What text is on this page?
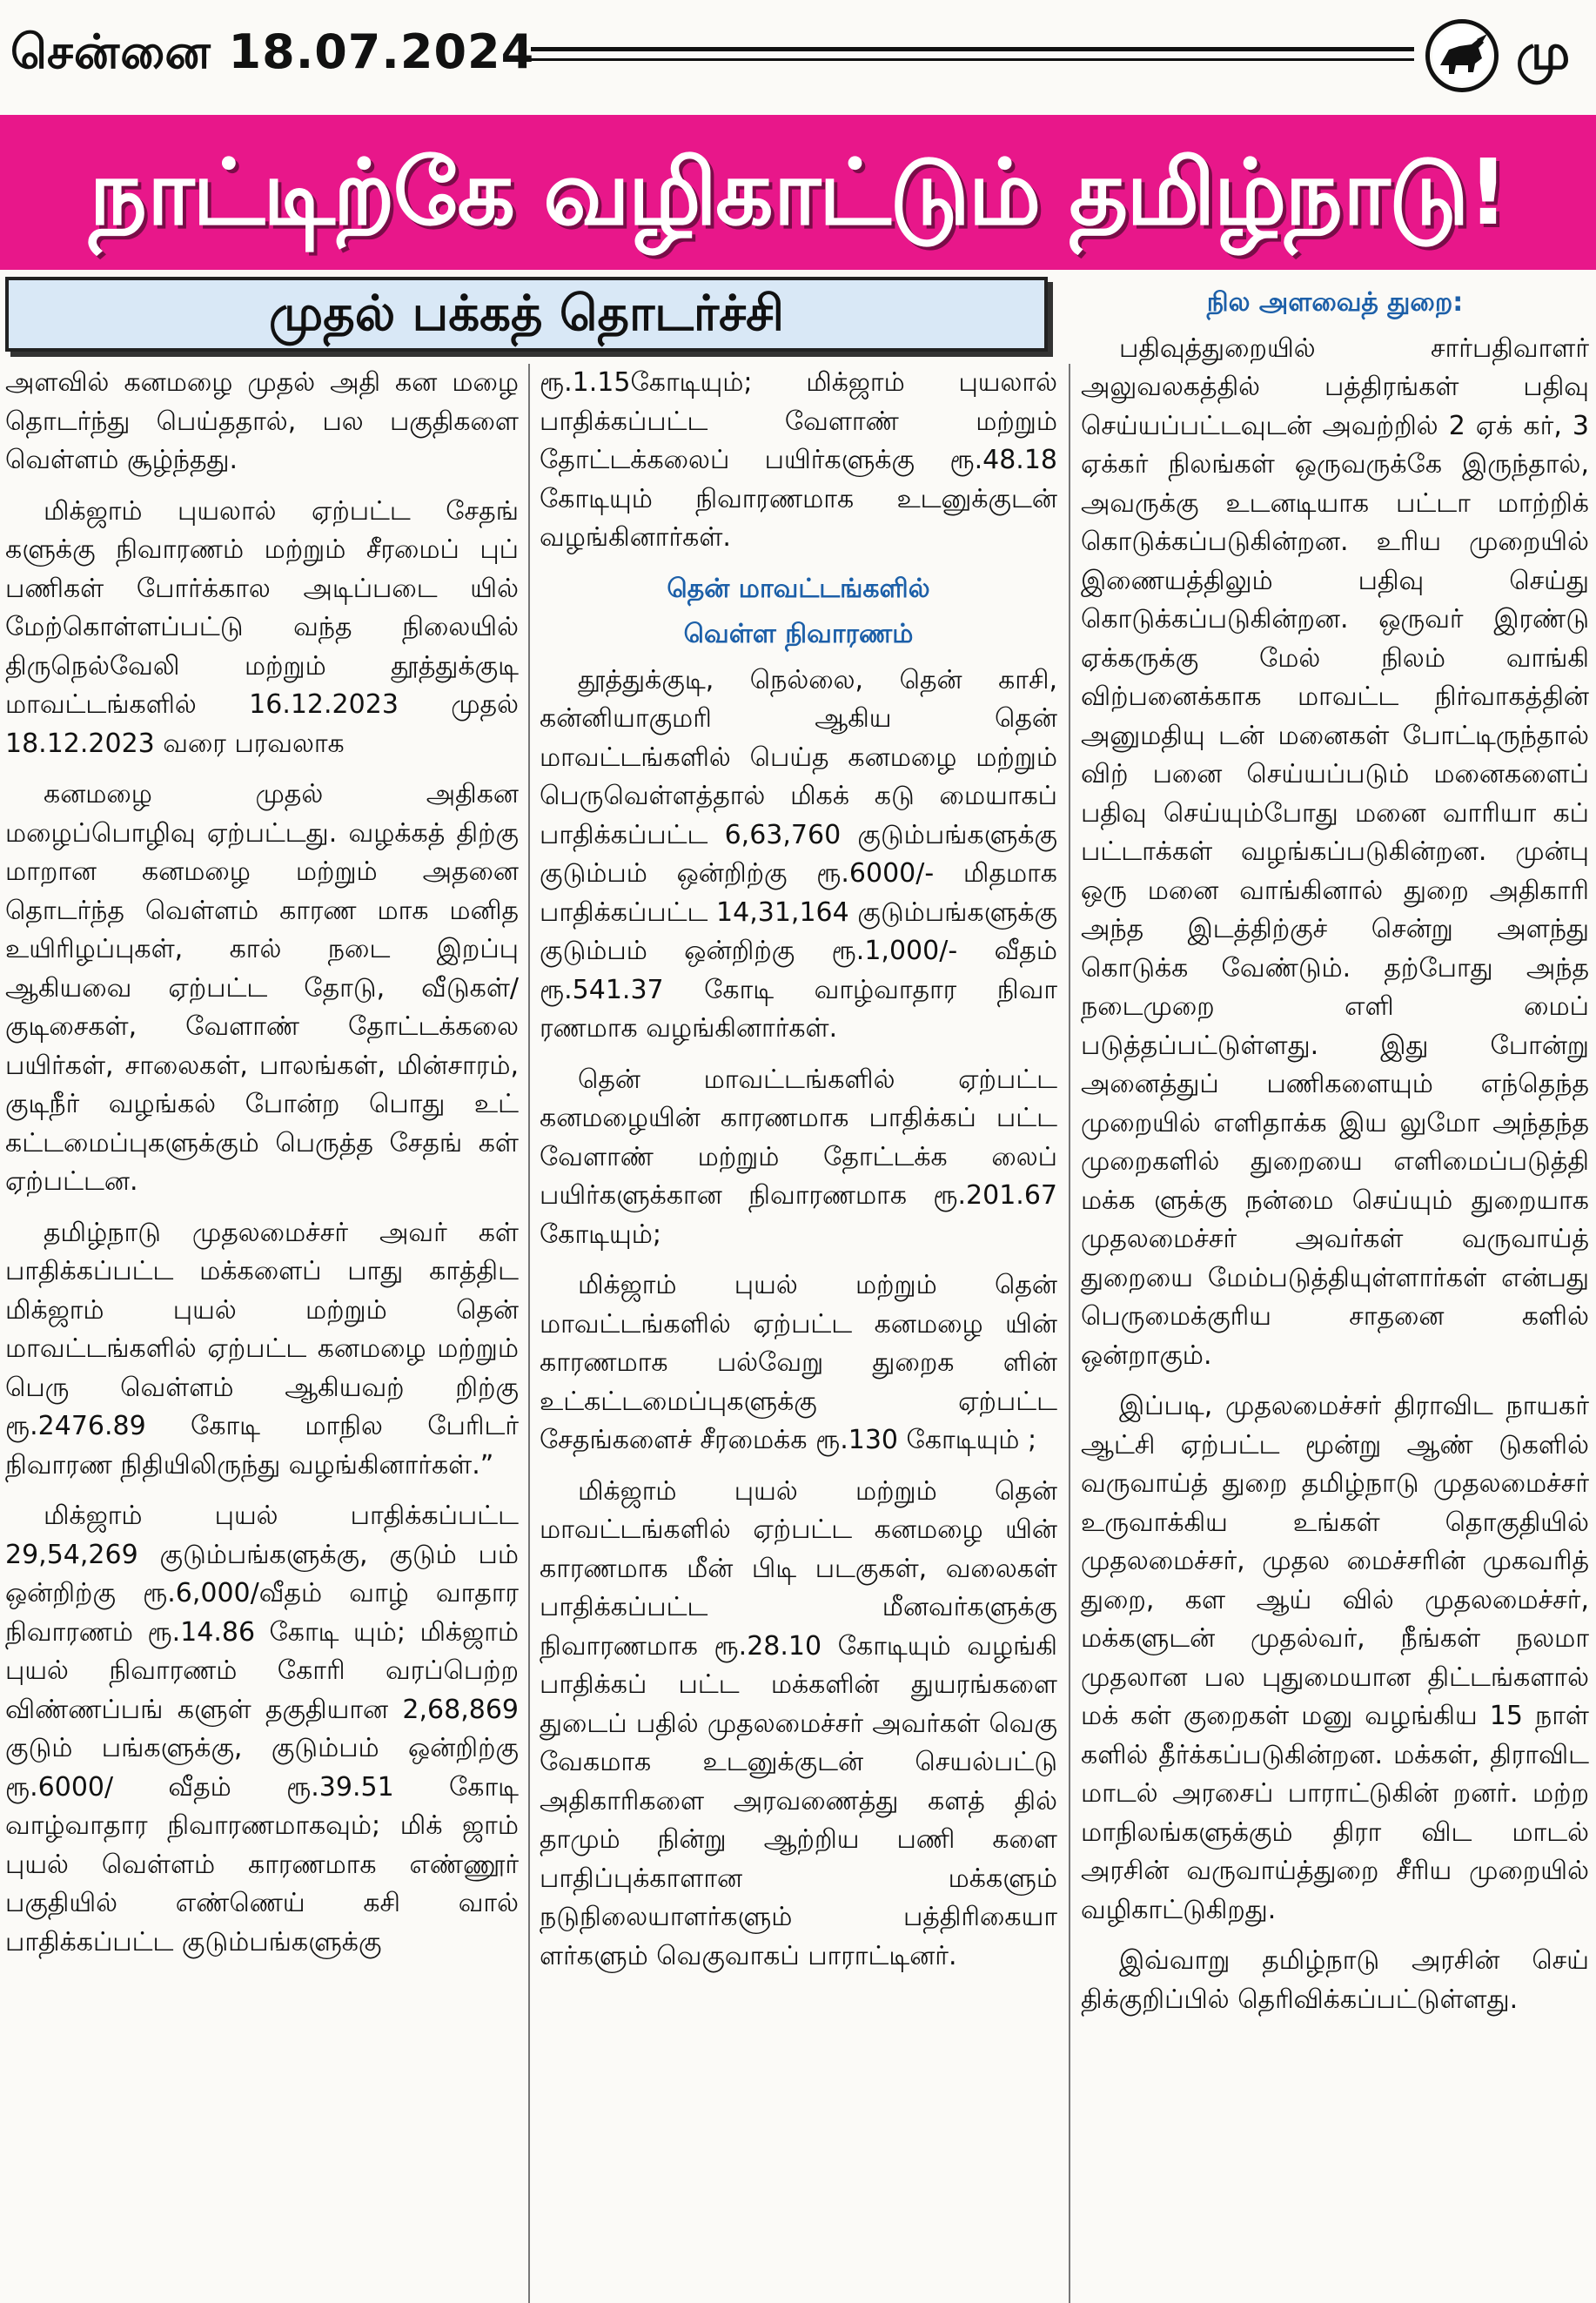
சென்னை 18.07.2024	மு
நாட்டிற்கே வழிகாட்டும் தமிழ்நாடு!
முதல் பக்கத் தொடர்ச்சி

அளவில் கனமழை முதல் அதி கன மழை தொடர்ந்து பெய்ததால், பல பகுதிகளை வெள்ளம் சூழ்ந்தது.

மிக்ஜாம் புயலால் ஏற்பட்ட சேதங் களுக்கு நிவாரணம் மற்றும் சீரமைப் புப் பணிகள் போர்க்கால அடிப்படை யில் மேற்கொள்ளப்பட்டு வந்த நிலையில் திருநெல்வேலி மற்றும் தூத்துக்குடி மாவட்டங்களில் 16.12.2023 முதல் 18.12.2023 வரை பரவலாக

கனமழை முதல் அதிகன மழைப்பொழிவு ஏற்பட்டது. வழக்கத் திற்கு மாறான கனமழை மற்றும் அதனை தொடர்ந்த வெள்ளம் காரண மாக மனித உயிரிழப்புகள், கால் நடை இறப்பு ஆகியவை ஏற்பட்ட தோடு, வீடுகள்/குடிசைகள், வேளாண் தோட்டக்கலை பயிர்கள், சாலைகள், பாலங்கள், மின்சாரம், குடிநீர் வழங்கல் போன்ற பொது உட் கட்டமைப்புகளுக்கும் பெருத்த சேதங் கள் ஏற்பட்டன.

தமிழ்நாடு முதலமைச்சர் அவர் கள் பாதிக்கப்பட்ட மக்களைப் பாது காத்திட மிக்ஜாம் புயல் மற்றும் தென் மாவட்டங்களில் ஏற்பட்ட கனமழை மற்றும் பெரு வெள்ளம் ஆகியவற் றிற்கு ரூ.2476.89 கோடி மாநில பேரிடர் நிவாரண நிதியிலிருந்து வழங்கினார்கள்.”

மிக்ஜாம் புயல் பாதிக்கப்பட்ட 29,54,269 குடும்பங்களுக்கு, குடும் பம் ஒன்றிற்கு ரூ.6,000/வீதம் வாழ் வாதார நிவாரணம் ரூ.14.86 கோடி யும்; மிக்ஜாம் புயல் நிவாரணம் கோரி வரப்பெற்ற விண்ணப்பங் களுள் தகுதியான 2,68,869 குடும் பங்களுக்கு, குடும்பம் ஒன்றிற்கு ரூ.6000/ வீதம் ரூ.39.51 கோடி வாழ்வாதார நிவாரணமாகவும்; மிக் ஜாம் புயல் வெள்ளம் காரணமாக எண்ணூர் பகுதியில் எண்ணெய் கசி வால் பாதிக்கப்பட்ட குடும்பங்களுக்கு

ரூ.1.15கோடியும்; மிக்ஜாம் புயலால் பாதிக்கப்பட்ட வேளாண் மற்றும் தோட்டக்கலைப் பயிர்களுக்கு ரூ.48.18 கோடியும் நிவாரணமாக உடனுக்குடன் வழங்கினார்கள்.

தென் மாவட்டங்களில்
வெள்ள நிவாரணம்

தூத்துக்குடி, நெல்லை, தென் காசி, கன்னியாகுமரி ஆகிய தென் மாவட்டங்களில் பெய்த கனமழை மற்றும் பெருவெள்ளத்தால் மிகக் கடு மையாகப் பாதிக்கப்பட்ட 6,63,760 குடும்பங்களுக்கு குடும்பம் ஒன்றிற்கு ரூ.6000/- மிதமாக பாதிக்கப்பட்ட 14,31,164 குடும்பங்களுக்கு குடும்பம் ஒன்றிற்கு ரூ.1,000/- வீதம் ரூ.541.37 கோடி வாழ்வாதார நிவா ரணமாக வழங்கினார்கள்.

தென் மாவட்டங்களில் ஏற்பட்ட கனமழையின் காரணமாக பாதிக்கப் பட்ட வேளாண் மற்றும் தோட்டக்க லைப் பயிர்களுக்கான நிவாரணமாக ரூ.201.67 கோடியும்;

மிக்ஜாம் புயல் மற்றும் தென் மாவட்டங்களில் ஏற்பட்ட கனமழை யின் காரணமாக பல்வேறு துறைக ளின் உட்கட்டமைப்புகளுக்கு ஏற்பட்ட சேதங்களைச் சீரமைக்க ரூ.130 கோடியும் ;

மிக்ஜாம் புயல் மற்றும் தென் மாவட்டங்களில் ஏற்பட்ட கனமழை யின் காரணமாக மீன் பிடி படகுகள், வலைகள் பாதிக்கப்பட்ட மீனவர்களுக்கு நிவாரணமாக ரூ.28.10 கோடியும் வழங்கி பாதிக்கப் பட்ட மக்களின் துயரங்களை துடைப் பதில் முதலமைச்சர் அவர்கள் வெகு வேகமாக உடனுக்குடன் செயல்பட்டு அதிகாரிகளை அரவணைத்து களத் தில் தாமும் நின்று ஆற்றிய பணி களை பாதிப்புக்காளான மக்களும் நடுநிலையாளர்களும் பத்திரிகையா ளர்களும் வெகுவாகப் பாராட்டினர்.

நில அளவைத் துறை:

பதிவுத்துறையில் சார்பதிவாளர் அலுவலகத்தில் பத்திரங்கள் பதிவு செய்யப்பட்டவுடன் அவற்றில் 2 ஏக் கர், 3 ஏக்கர் நிலங்கள் ஒருவருக்கே இருந்தால், அவருக்கு உடனடியாக பட்டா மாற்றிக் கொடுக்கப்படுகின்றன. உரிய முறையில் இணையத்திலும் பதிவு செய்து கொடுக்கப்படுகின்றன. ஒருவர் இரண்டு ஏக்கருக்கு மேல் நிலம் வாங்கி விற்பனைக்காக மாவட்ட நிர்வாகத்தின் அனுமதியு டன் மனைகள் போட்டிருந்தால் விற் பனை செய்யப்படும் மனைகளைப் பதிவு செய்யும்போது மனை வாரியா கப் பட்டாக்கள் வழங்கப்படுகின்றன. முன்பு ஒரு மனை வாங்கினால் துறை அதிகாரி அந்த இடத்திற்குச் சென்று அளந்து கொடுக்க வேண்டும். தற்போது அந்த நடைமுறை எளி மைப் படுத்தப்பட்டுள்ளது. இது போன்று அனைத்துப் பணிகளையும் எந்தெந்த முறையில் எளிதாக்க இய லுமோ அந்தந்த முறைகளில் துறையை எளிமைப்படுத்தி மக்க ளுக்கு நன்மை செய்யும் துறையாக முதலமைச்சர் அவர்கள் வருவாய்த் துறையை மேம்படுத்தியுள்ளார்கள் என்பது பெருமைக்குரிய சாதனை களில் ஒன்றாகும்.

இப்படி, முதலமைச்சர் திராவிட நாயகர் ஆட்சி ஏற்பட்ட மூன்று ஆண் டுகளில் வருவாய்த் துறை தமிழ்நாடு முதலமைச்சர் உருவாக்கிய உங்கள் தொகுதியில் முதலமைச்சர், முதல மைச்சரின் முகவரித் துறை, கள ஆய் வில் முதலமைச்சர், மக்களுடன் முதல்வர், நீங்கள் நலமா முதலான பல புதுமையான திட்டங்களால் மக் கள் குறைகள் மனு வழங்கிய 15 நாள் களில் தீர்க்கப்படுகின்றன. மக்கள், திராவிட மாடல் அரசைப் பாராட்டுகின் றனர். மற்ற மாநிலங்களுக்கும் திரா விட மாடல் அரசின் வருவாய்த்துறை சீரிய முறையில் வழிகாட்டுகிறது.

இவ்வாறு தமிழ்நாடு அரசின் செய் திக்குறிப்பில் தெரிவிக்கப்பட்டுள்ளது.
